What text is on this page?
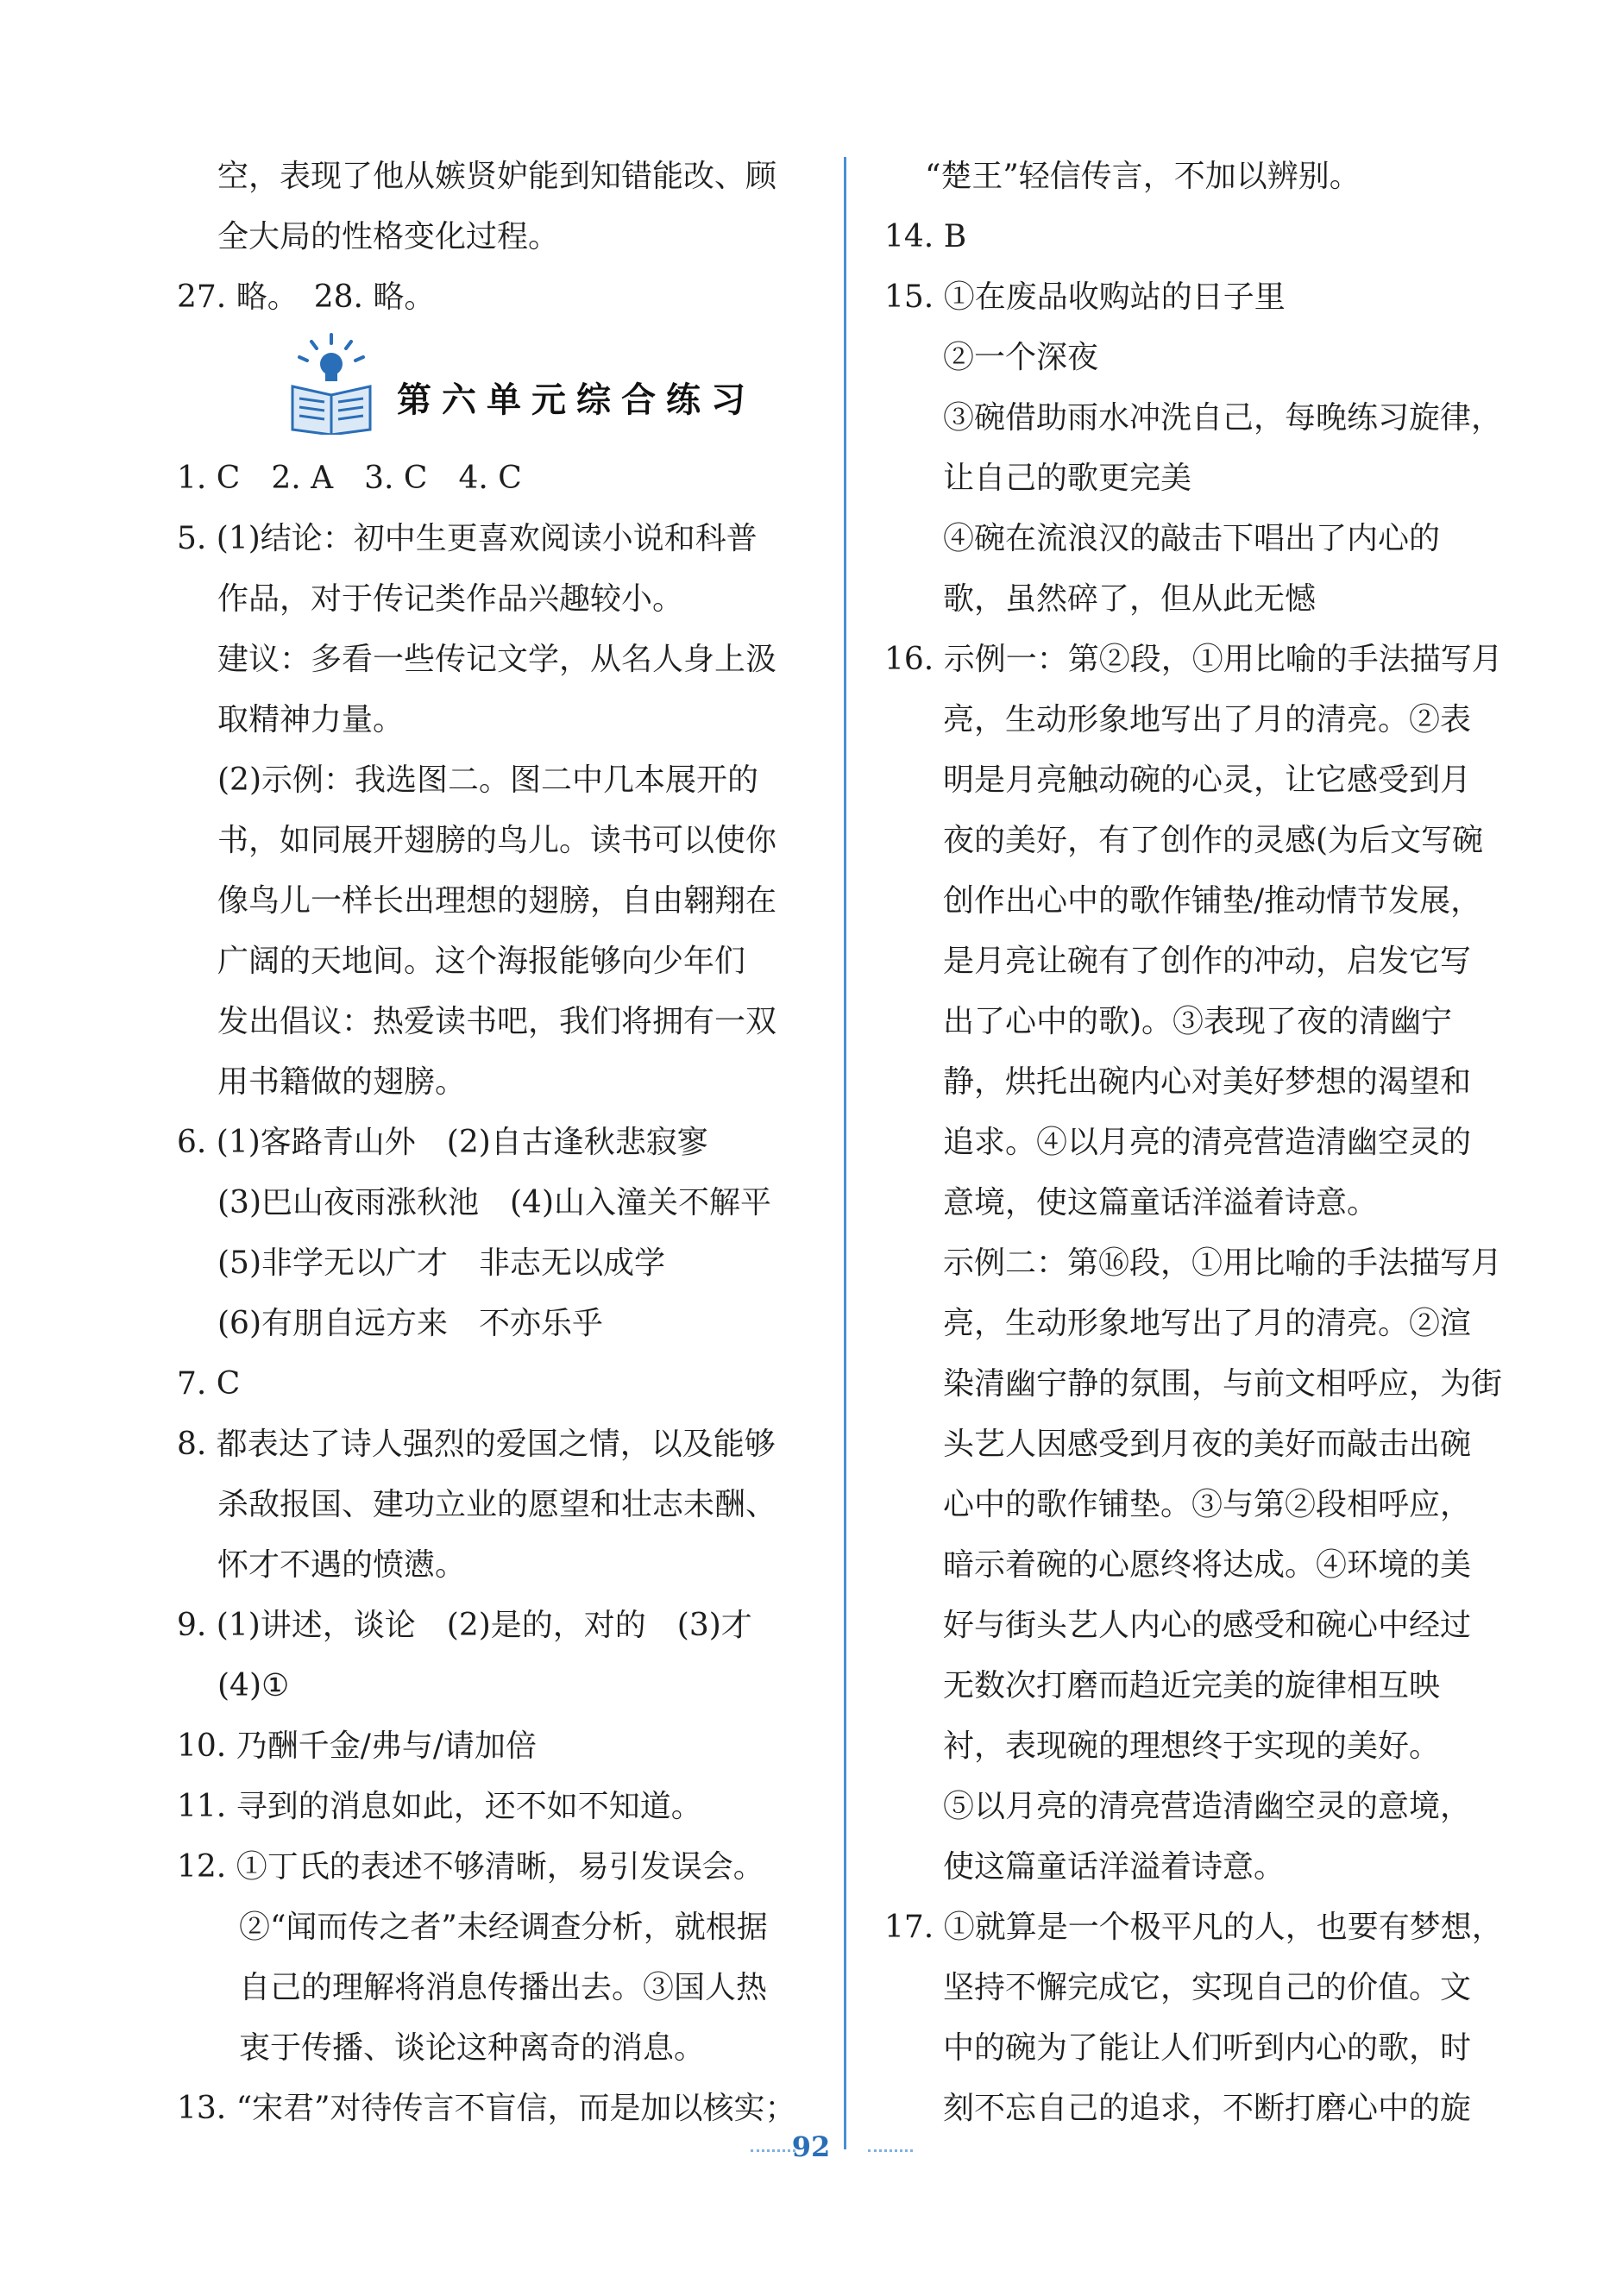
空，表现了他从嫉贤妒能到知错能改、顾
全大局的性格变化过程。
27. 略。　28. 略。
第六单元综合练习
1. C　2. A　3. C　4. C
5. (1)结论：初中生更喜欢阅读小说和科普
作品，对于传记类作品兴趣较小。
建议：多看一些传记文学，从名人身上汲
取精神力量。
(2)示例：我选图二。图二中几本展开的
书，如同展开翅膀的鸟儿。读书可以使你
像鸟儿一样长出理想的翅膀，自由翱翔在
广阔的天地间。这个海报能够向少年们
发出倡议：热爱读书吧，我们将拥有一双
用书籍做的翅膀。
6. (1)客路青山外　(2)自古逢秋悲寂寥
(3)巴山夜雨涨秋池　(4)山入潼关不解平
(5)非学无以广才　非志无以成学
(6)有朋自远方来　不亦乐乎
7. C
8. 都表达了诗人强烈的爱国之情，以及能够
杀敌报国、建功立业的愿望和壮志未酬、
怀才不遇的愤懑。
9. (1)讲述，谈论　(2)是的，对的　(3)才
(4)①
10. 乃酬千金/弗与/请加倍
11. 寻到的消息如此，还不如不知道。
12. ①丁氏的表述不够清晰，易引发误会。
②“闻而传之者”未经调查分析，就根据
自己的理解将消息传播出去。③国人热
衷于传播、谈论这种离奇的消息。
13. “宋君”对待传言不盲信，而是加以核实；
“楚王”轻信传言，不加以辨别。
14. B
15. ①在废品收购站的日子里
②一个深夜
③碗借助雨水冲洗自己，每晚练习旋律，
让自己的歌更完美
④碗在流浪汉的敲击下唱出了内心的
歌，虽然碎了，但从此无憾
16. 示例一：第②段，①用比喻的手法描写月
亮，生动形象地写出了月的清亮。②表
明是月亮触动碗的心灵，让它感受到月
夜的美好，有了创作的灵感(为后文写碗
创作出心中的歌作铺垫/推动情节发展，
是月亮让碗有了创作的冲动，启发它写
出了心中的歌)。③表现了夜的清幽宁
静，烘托出碗内心对美好梦想的渴望和
追求。④以月亮的清亮营造清幽空灵的
意境，使这篇童话洋溢着诗意。
示例二：第⑯段，①用比喻的手法描写月
亮，生动形象地写出了月的清亮。②渲
染清幽宁静的氛围，与前文相呼应，为街
头艺人因感受到月夜的美好而敲击出碗
心中的歌作铺垫。③与第②段相呼应，
暗示着碗的心愿终将达成。④环境的美
好与街头艺人内心的感受和碗心中经过
无数次打磨而趋近完美的旋律相互映
衬，表现碗的理想终于实现的美好。
⑤以月亮的清亮营造清幽空灵的意境，
使这篇童话洋溢着诗意。
17. ①就算是一个极平凡的人，也要有梦想，
坚持不懈完成它，实现自己的价值。文
中的碗为了能让人们听到内心的歌，时
刻不忘自己的追求，不断打磨心中的旋
92
